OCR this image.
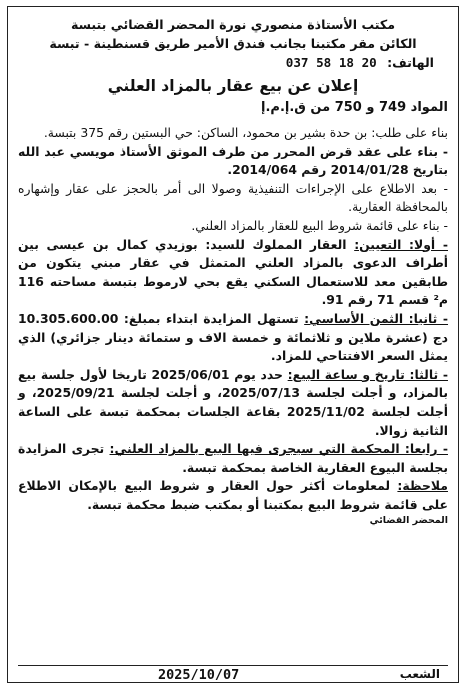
مكتب الأستاذة منصوري نورة المحضر القضائي بتبسة
الكائن مقر مكتبنا بجانب فندق الأمير طريق قسنطينة - تبسة
الهاتف: 037 58 18 20
إعلان عن بيع عقار بالمزاد العلني
المواد 749 و 750 من ق.إ.م.إ

بناء على طلب: بن حدة بشير بن محمود، الساكن: حي البستين رقم 375 بتبسة.

- بناء على عقد قرض المحرر من طرف الموثق الأستاذ مويسي عبد الله بتاريخ 2014/01/28 رقم 2014/064.

- بعد الاطلاع على الإجراءات التنفيذية وصولا الى أمر بالحجز على عقار وإشهاره بالمحافظة العقارية.

- بناء على قائمة شروط البيع للعقار بالمزاد العلني.

- أولا: التعيين: العقار المملوك للسيد: بوزيدي كمال بن عيسى بين أطراف الدعوى بالمزاد العلني المتمثل في عقار مبني يتكون من طابقين معد للاستعمال السكني يقع بحي لارموط بتبسة مساحته 116 م² قسم 71 رقم 91.

- ثانيا: الثمن الأساسي: تستهل المزايدة ابتداء بمبلغ: 10.305.600.00 دج (عشرة ملاين و ثلاثمائة و خمسة الاف و ستمائة دينار جزائري) الذي يمثل السعر الافتتاحي للمزاد.

- ثالثا: تاريخ و ساعة البيع: حدد يوم 2025/06/01 تاريخا لأول جلسة بيع بالمزاد، و أجلت لجلسة 2025/07/13، و أجلت لجلسة 2025/09/21، و أجلت لجلسة 2025/11/02 بقاعة الجلسات بمحكمة تبسة على الساعة الثانية زوالا.

- رابعا: المحكمة التي سيجرى فيها البيع بالمزاد العلني: تجرى المزايدة بجلسة البيوع العقارية الخاصة بمحكمة تبسة.

ملاحظة: لمعلومات أكثر حول العقار و شروط البيع بالإمكان الاطلاع على قائمة شروط البيع بمكتبنا أو بمكتب ضبط محكمة تبسة.

المحضر القضائي
الشعب
2025/10/07
